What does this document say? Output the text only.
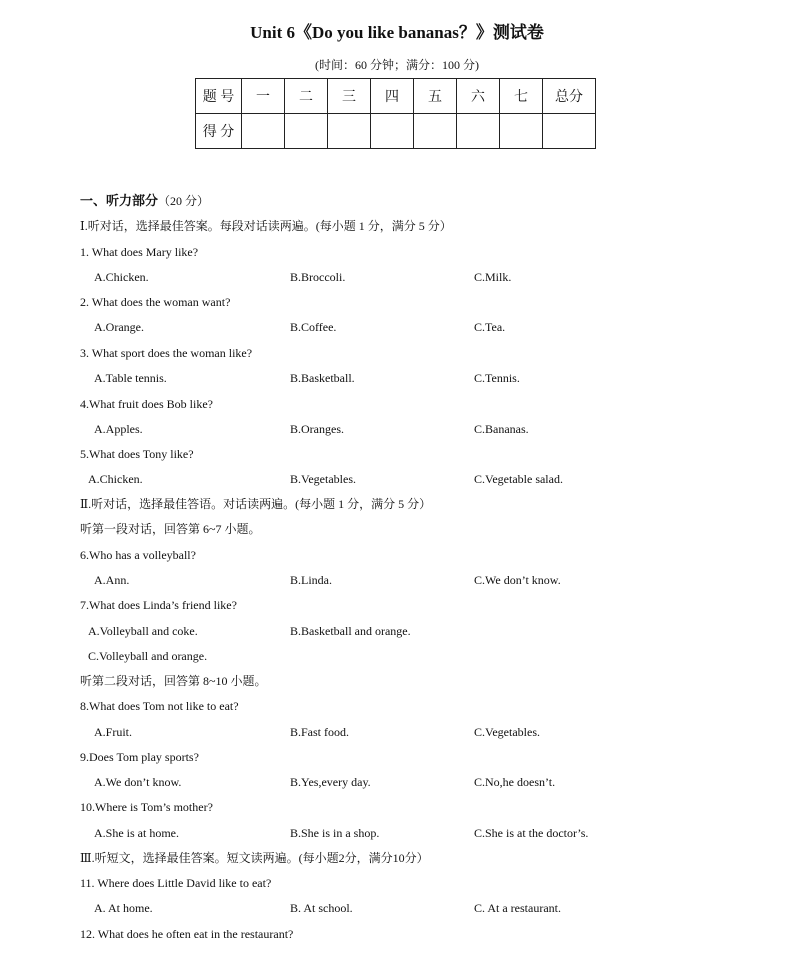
Unit 6《Do you like bananas？》测试卷
(时间：60 分钟；满分：100 分)
题 号	一	二	三	四	五	六	七	总分
得 分								
一、听力部分（20 分）
Ⅰ.听对话，选择最佳答案。每段对话读两遍。(每小题 1 分，满分 5 分）
1. What does Mary like?
A.Chicken.	B.Broccoli.	C.Milk.
2. What does the woman want?
A.Orange.	B.Coffee.	C.Tea.
3. What sport does the woman like?
A.Table tennis.	B.Basketball.	C.Tennis.
4.What fruit does Bob like?
A.Apples.	B.Oranges.	C.Bananas.
5.What does Tony like?
A.Chicken.	B.Vegetables.	C.Vegetable salad.
Ⅱ.听对话，选择最佳答语。对话读两遍。(每小题 1 分，满分 5 分）
听第一段对话，回答第 6~7 小题。
6.Who has a volleyball?
A.Ann.	B.Linda.	C.We don’t know.
7.What does Linda’s friend like?
A.Volleyball and coke.	B.Basketball and orange.
C.Volleyball and orange.
听第二段对话，回答第 8~10 小题。
8.What does Tom not like to eat?
A.Fruit.	B.Fast food.	C.Vegetables.
9.Does Tom play sports?
A.We don’t know.	B.Yes,every day.	C.No,he doesn’t.
10.Where is Tom’s mother?
A.She is at home.	B.She is in a shop.	C.She is at the doctor’s.
Ⅲ.听短文，选择最佳答案。短文读两遍。(每小题2分，满分10分）
11. Where does Little David like to eat?
A. At home.	B. At school.	C. At a restaurant.
12. What does he often eat in the restaurant?
